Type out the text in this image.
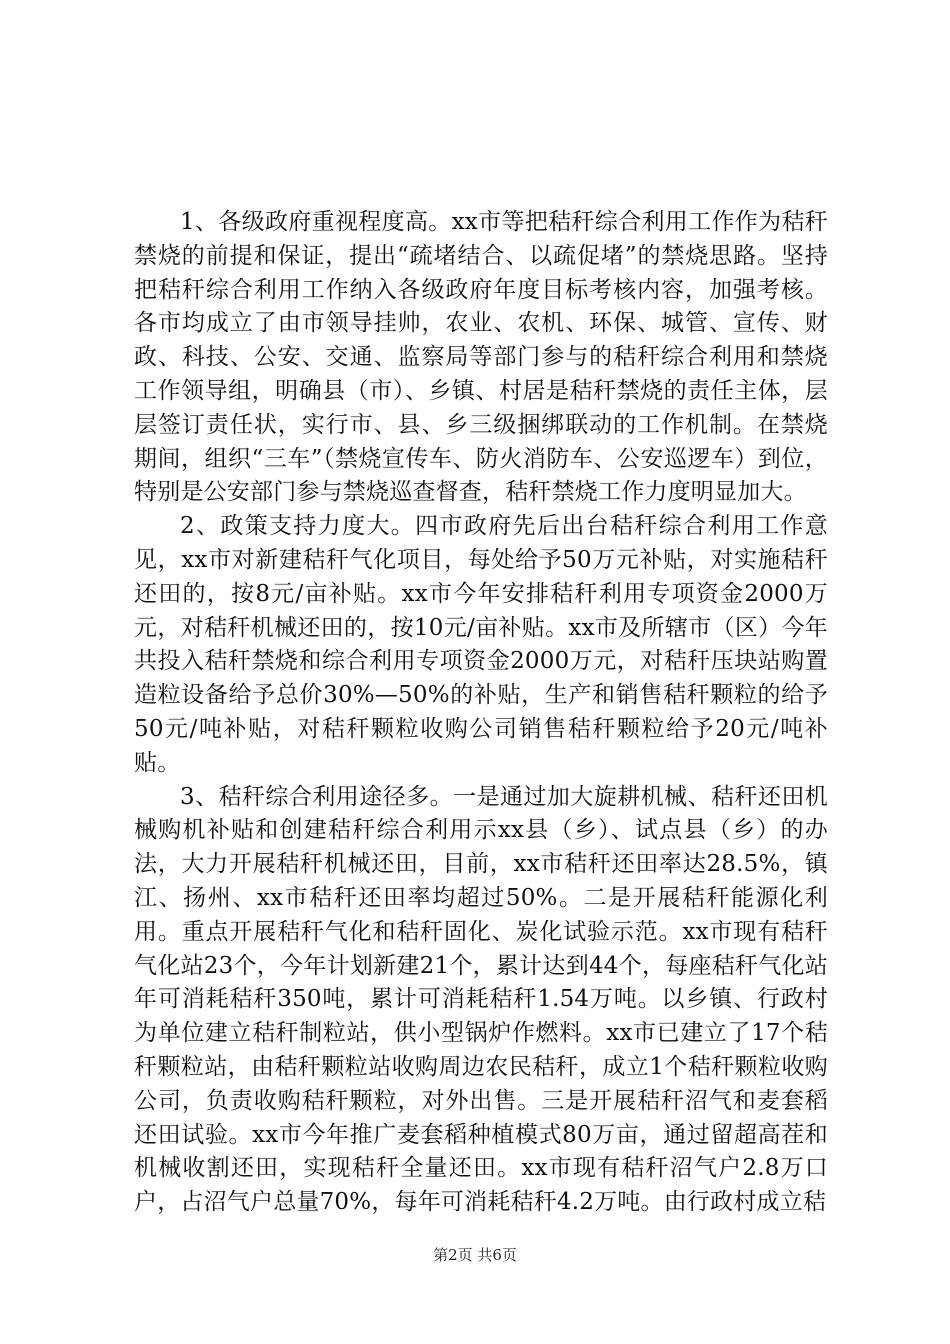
1、各级政府重视程度高。xx市等把秸秆综合利用工作作为秸秆禁烧的前提和保证，提出“疏堵结合、以疏促堵”的禁烧思路。坚持把秸秆综合利用工作纳入各级政府年度目标考核内容，加强考核。各市均成立了由市领导挂帅，农业、农机、环保、城管、宣传、财政、科技、公安、交通、监察局等部门参与的秸秆综合利用和禁烧工作领导组，明确县（市）、乡镇、村居是秸秆禁烧的责任主体，层层签订责任状，实行市、县、乡三级捆绑联动的工作机制。在禁烧期间，组织“三车”（禁烧宣传车、防火消防车、公安巡逻车）到位，特别是公安部门参与禁烧巡查督查，秸秆禁烧工作力度明显加大。

2、政策支持力度大。四市政府先后出台秸秆综合利用工作意见，xx市对新建秸秆气化项目，每处给予50万元补贴，对实施秸秆还田的，按8元/亩补贴。xx市今年安排秸秆利用专项资金2000万元，对秸秆机械还田的，按10元/亩补贴。xx市及所辖市（区）今年共投入秸秆禁烧和综合利用专项资金2000万元，对秸秆压块站购置造粒设备给予总价30%—50%的补贴，生产和销售秸秆颗粒的给予50元/吨补贴，对秸秆颗粒收购公司销售秸秆颗粒给予20元/吨补贴。

3、秸秆综合利用途径多。一是通过加大旋耕机械、秸秆还田机械购机补贴和创建秸秆综合利用示xx县（乡）、试点县（乡）的办法，大力开展秸秆机械还田，目前，xx市秸秆还田率达28.5%，镇江、扬州、xx市秸秆还田率均超过50%。二是开展秸秆能源化利用。重点开展秸秆气化和秸秆固化、炭化试验示范。xx市现有秸秆气化站23个，今年计划新建21个，累计达到44个，每座秸秆气化站年可消耗秸秆350吨，累计可消耗秸秆1.54万吨。以乡镇、行政村为单位建立秸秆制粒站，供小型锅炉作燃料。xx市已建立了17个秸秆颗粒站，由秸秆颗粒站收购周边农民秸秆，成立1个秸秆颗粒收购公司，负责收购秸秆颗粒，对外出售。三是开展秸秆沼气和麦套稻还田试验。xx市今年推广麦套稻种植模式80万亩，通过留超高茬和机械收割还田，实现秸秆全量还田。xx市现有秸秆沼气户2.8万口户，占沼气户总量70%，每年可消耗秸秆4.2万吨。由行政村成立秸

第2页 共6页
